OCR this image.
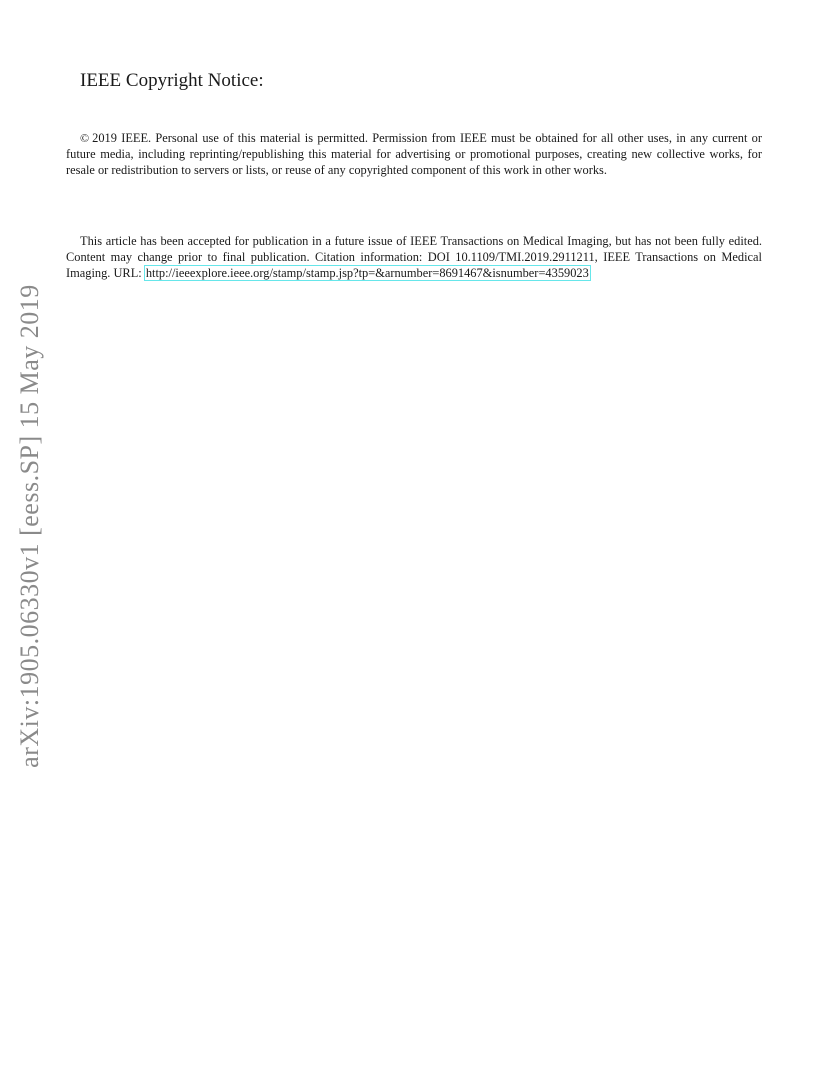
arXiv:1905.06330v1 [eess.SP] 15 May 2019
IEEE Copyright Notice:

© 2019 IEEE. Personal use of this material is permitted. Permission from IEEE must be obtained for all other uses, in any current or future media, including reprinting/republishing this material for advertising or promotional purposes, creating new collective works, for resale or redistribution to servers or lists, or reuse of any copyrighted component of this work in other works.

This article has been accepted for publication in a future issue of IEEE Transactions on Medical Imaging, but has not been fully edited. Content may change prior to final publication. Citation information: DOI 10.1109/TMI.2019.2911211, IEEE Transactions on Medical Imaging. URL: http://ieeexplore.ieee.org/stamp/stamp.jsp?tp=&arnumber=8691467&isnumber=4359023
